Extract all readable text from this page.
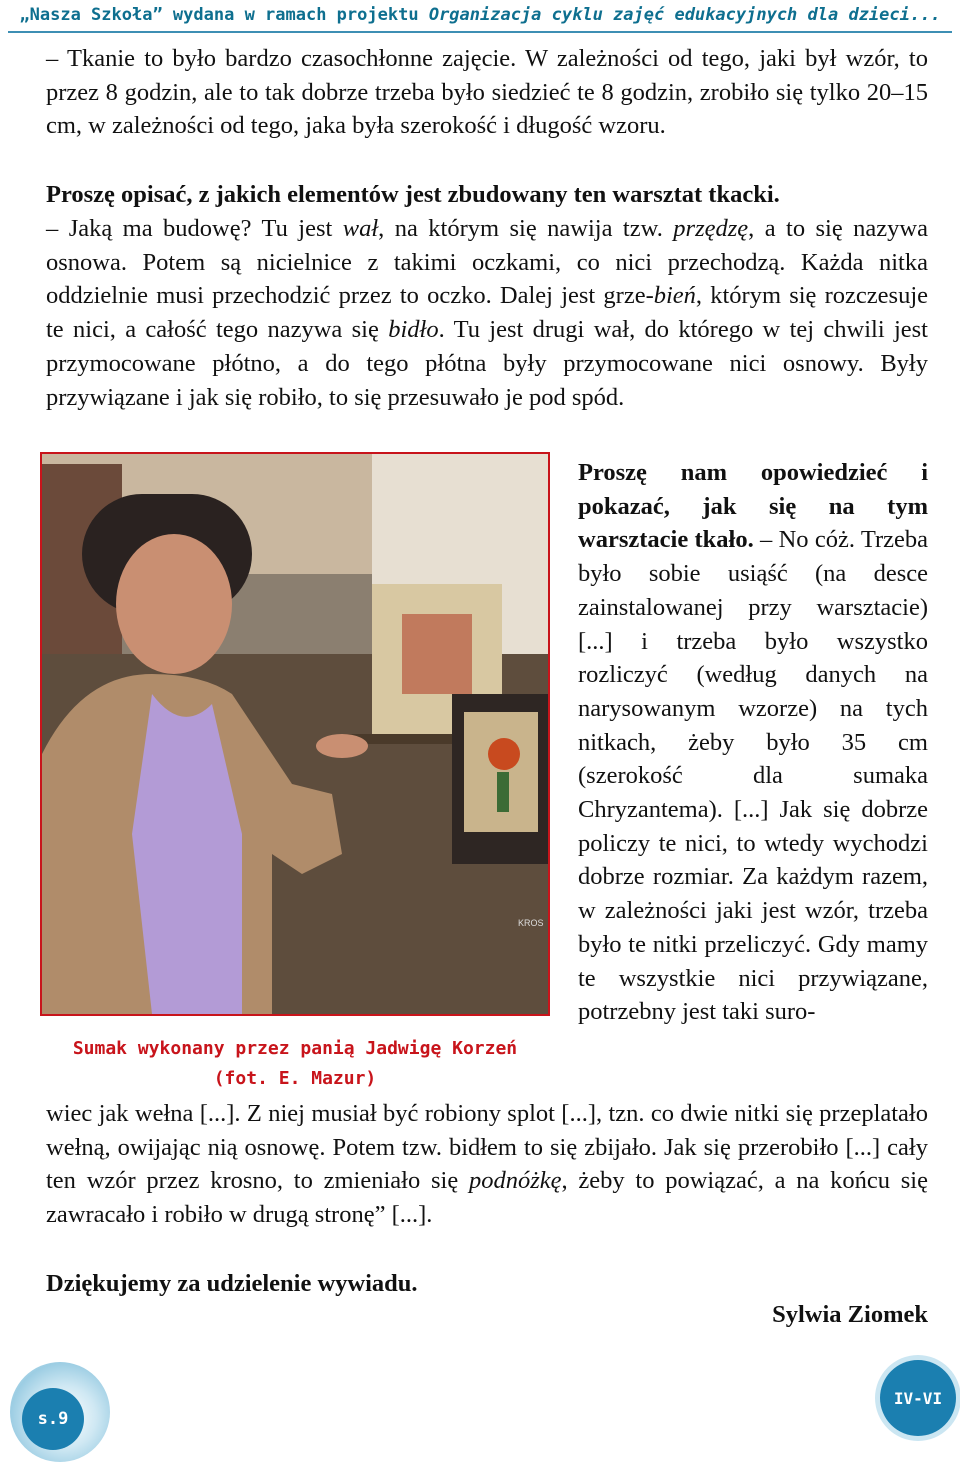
„Nasza Szkoła” wydana w ramach projektu
Organizacja cyklu zajęć edukacyjnych dla dzieci...

– Tkanie to było bardzo czasochłonne zajęcie. W zależności od tego, jaki był wzór, to przez 8 godzin, ale to tak dobrze trzeba było siedzieć te 8 godzin, zrobiło się tylko 20–15 cm, w zależności od tego, jaka była szerokość i długość wzoru.

Proszę opisać, z jakich elementów jest zbudowany ten warsztat tkacki.

– Jaką ma budowę? Tu jest wał, na którym się nawija tzw. przędzę, a to się nazywa osnowa. Potem są nicielnice z takimi oczkami, co nici przechodzą. Każda nitka oddzielnie musi przechodzić przez to oczko. Dalej jest grze-bień, którym się rozczesuje te nici, a całość tego nazywa się bidło. Tu jest drugi wał, do którego w tej chwili jest przymocowane płótno, a do tego płótna były przymocowane nici osnowy. Były przywiązane i jak się robiło, to się przesuwało je pod spód.

KROS
Sumak wykonany przez panią Jadwigę Korzeń
(fot. E. Mazur)
Proszę nam opowiedzieć i pokazać, jak się na tym warsztacie tkało. – No cóż. Trzeba było sobie usiąść (na desce zainstalowanej przy warsztacie) [...] i trzeba było wszystko rozliczyć (według danych na narysowanym wzorze) na tych nitkach, żeby było 35 cm (szerokość dla sumaka Chryzantema). [...] Jak się dobrze policzy te nici, to wtedy wychodzi dobrze rozmiar. Za każdym razem, w zależności jaki jest wzór, trzeba było te nitki przeliczyć. Gdy mamy te wszystkie nici przywiązane, potrzebny jest taki suro-

wiec jak wełna [...]. Z niej musiał być robiony splot [...], tzn. co dwie nitki się przeplatało wełną, owijając nią osnowę. Potem tzw. bidłem to się zbijało. Jak się przerobiło [...] cały ten wzór przez krosno, to zmieniało się podnóżkę, żeby to powiązać, a na końcu się zawracało i robiło w drugą stronę” [...].

Dziękujemy za udzielenie wywiadu.

Sylwia Ziomek
s.9
IV-VI
